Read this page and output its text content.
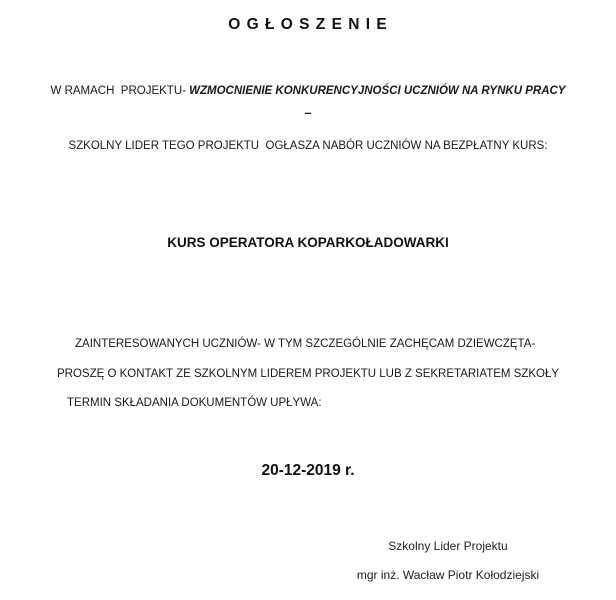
O G Ł O S Z E N I E

W RAMACH  PROJEKTU- WZMOCNIENIE KONKURENCYJNOŚCI UCZNIÓW NA RYNKU PRACY

–

SZKOLNY LIDER TEGO PROJEKTU  OGŁASZA NABÓR UCZNIÓW NA BEZPŁATNY KURS:

KURS OPERATORA KOPARKOŁADOWARKI

ZAINTERESOWANYCH UCZNIÓW- W TYM SZCZEGÓLNIE ZACHĘCAM DZIEWCZĘTA-

PROSZĘ O KONTAKT ZE SZKOLNYM LIDEREM PROJEKTU LUB Z SEKRETARIATEM SZKOŁY

TERMIN SKŁADANIA DOKUMENTÓW UPŁYWA:

20-12-2019 r.

Szkolny Lider Projektu

mgr inż. Wacław Piotr Kołodziejski
